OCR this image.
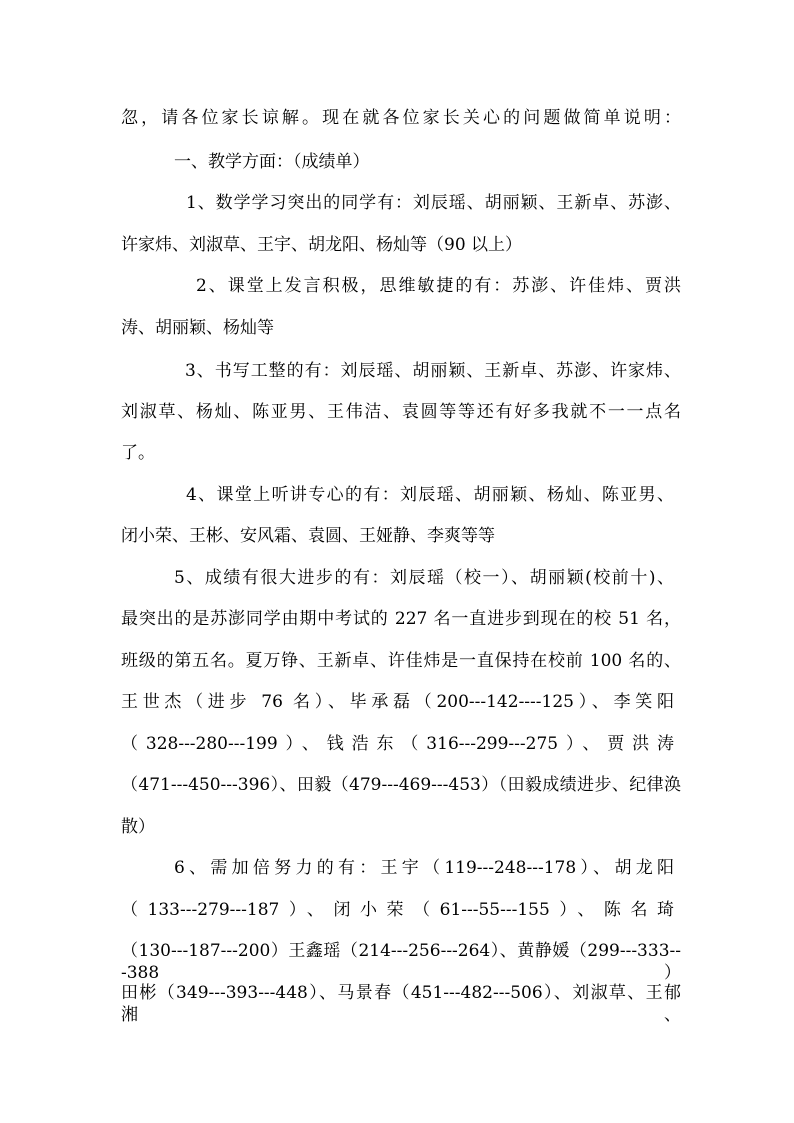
忽，请各位家长谅解。现在就各位家长关心的问题做简单说明：
一、教学方面：（成绩单）
1、数学学习突出的同学有：刘辰瑶、胡丽颖、王新卓、苏澎、
许家炜、刘淑草、王宇、胡龙阳、杨灿等（90 以上）
2、课堂上发言积极，思维敏捷的有：苏澎、许佳炜、贾洪
涛、胡丽颖、杨灿等
3、书写工整的有：刘辰瑶、胡丽颖、王新卓、苏澎、许家炜、
刘淑草、杨灿、陈亚男、王伟洁、袁圆等等还有好多我就不一一点名
了。
4、课堂上听讲专心的有：刘辰瑶、胡丽颖、杨灿、陈亚男、
闭小荣、王彬、安风霜、袁圆、王娅静、李爽等等
5、成绩有很大进步的有：刘辰瑶（校一）、胡丽颖(校前十)、
最突出的是苏澎同学由期中考试的 227 名一直进步到现在的校 51 名，
班级的第五名。夏万铮、王新卓、许佳炜是一直保持在校前 100 名的、
王世杰（进步 76 名）、毕承磊（200---142----125）、李笑阳
（328---280---199）、钱浩东（316---299---275）、贾洪涛
（471---450---396）、田毅（479---469---453）（田毅成绩进步、纪律涣
散）
6、需加倍努力的有：王宇（119---248---178）、胡龙阳
（133---279---187）、闭小荣（61---55---155）、陈名琦
（130---187---200）王鑫瑶（214---256---264）、黄静媛（299---333---388）
田彬（349---393---448）、马景春（451---482---506）、刘淑草、王郁湘、
